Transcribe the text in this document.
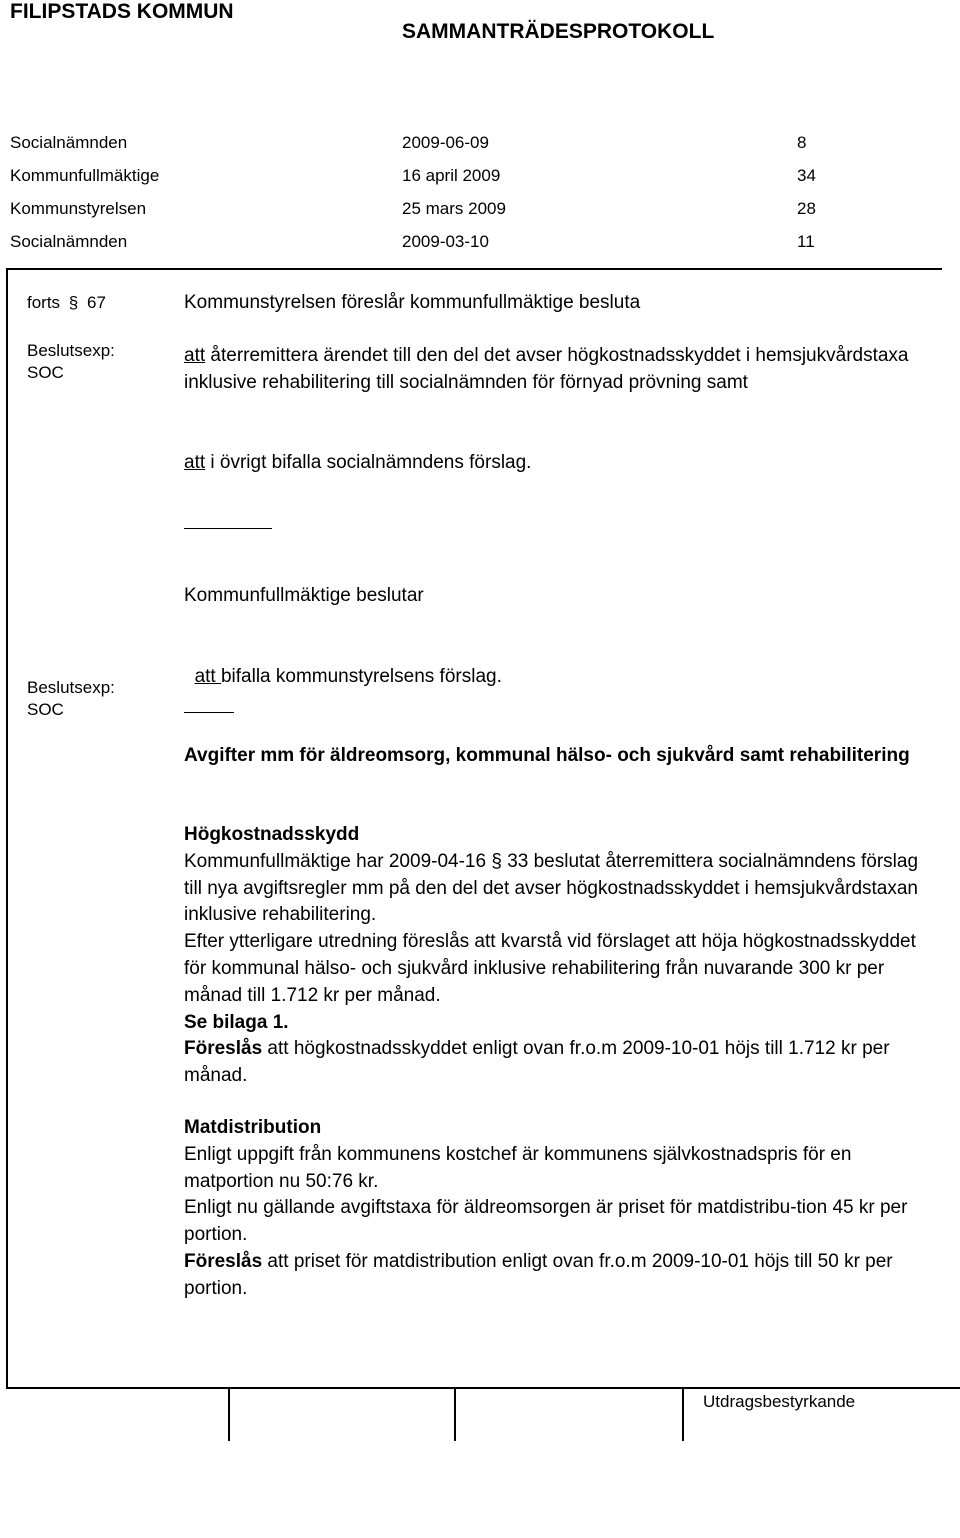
FILIPSTADS KOMMUN
SAMMANTRÄDESPROTOKOLL
Socialnämnden	2009-06-09	8
Kommunfullmäktige	16 april 2009	34
Kommunstyrelsen	25 mars 2009	28
Socialnämnden	2009-03-10	11
Utdragsbestyrkande
forts § 67
Beslutsexp:
SOC
Beslutsexp:
SOC
Kommunstyrelsen föreslår kommunfullmäktige besluta
att återremittera ärendet till den del det avser högkostnadsskyddet i hemsjukvårdstaxa inklusive rehabilitering till socialnämnden för förnyad prövning samt
att i övrigt bifalla socialnämndens förslag.
Kommunfullmäktige beslutar

att bifalla kommunstyrelsens förslag.

Avgifter mm för äldreomsorg, kommunal hälso- och sjukvård samt rehabilitering

Högkostnadsskydd

Kommunfullmäktige har 2009-04-16 § 33 beslutat återremittera socialnämndens förslag till nya avgiftsregler mm på den del det avser högkostnadsskyddet i hemsjukvårdstaxan inklusive rehabilitering.

Efter ytterligare utredning föreslås att kvarstå vid förslaget att höja högkostnadsskyddet för kommunal hälso- och sjukvård inklusive rehabilitering från nuvarande 300 kr per månad till 1.712 kr per månad.

Se bilaga 1.

Föreslås att högkostnadsskyddet enligt ovan fr.o.m 2009-10-01 höjs till 1.712 kr per månad.

Matdistribution

Enligt uppgift från kommunens kostchef är kommunens självkostnadspris för en matportion nu 50:76 kr.

Enligt nu gällande avgiftstaxa för äldreomsorgen är priset för matdistribu-tion 45 kr per portion.

Föreslås att priset för matdistribution enligt ovan fr.o.m 2009-10-01 höjs till 50 kr per portion.
